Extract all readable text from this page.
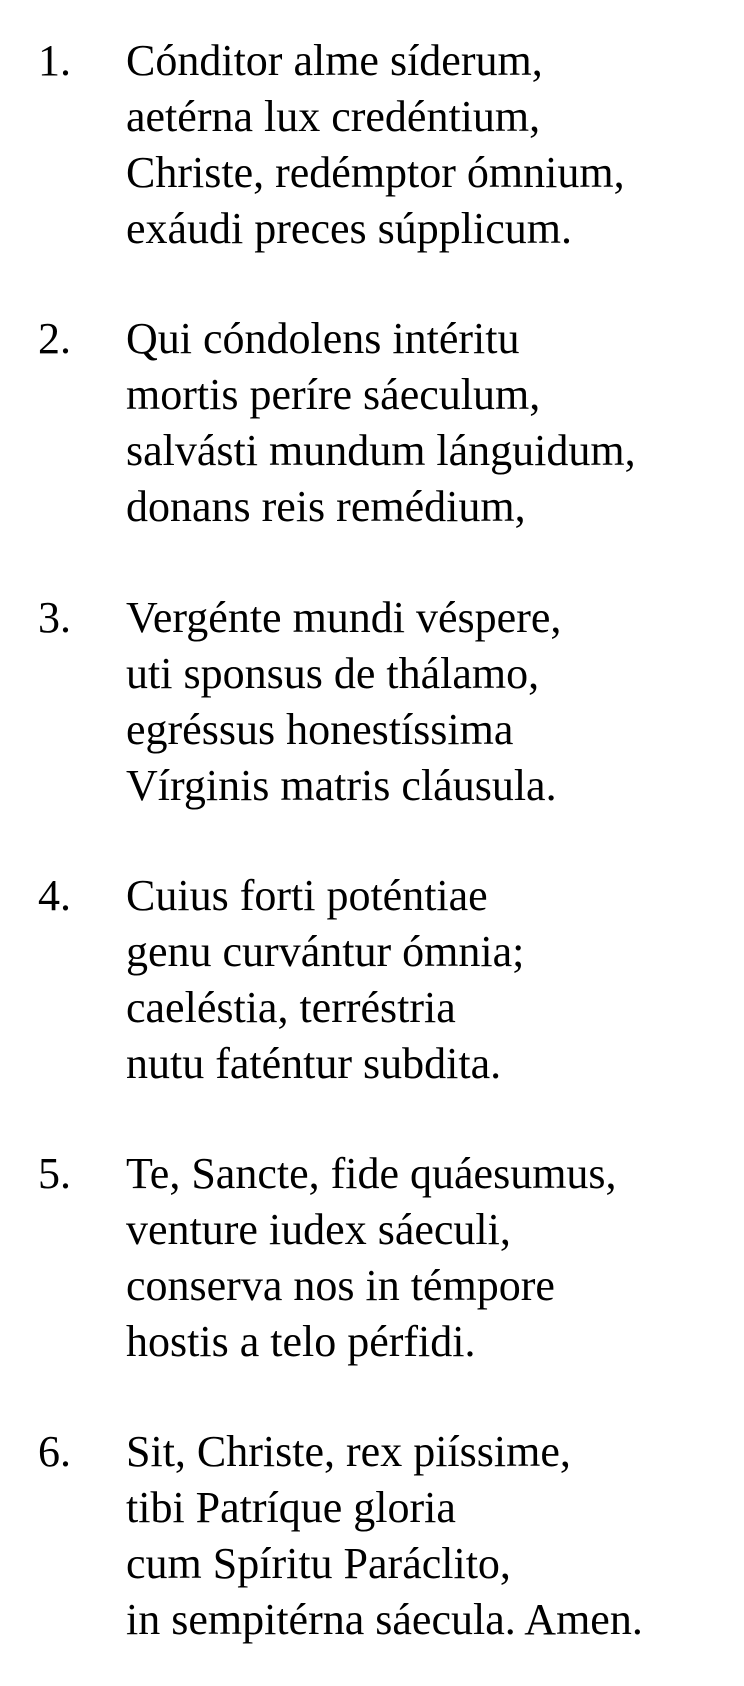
1. Cónditor alme síderum,
aetérna lux credéntium,
Christe, redémptor ómnium,
exáudi preces súpplicum.
2. Qui cóndolens intéritu
mortis períre sáeculum,
salvásti mundum lánguidum,
donans reis remédium,
3. Vergénte mundi véspere,
uti sponsus de thálamo,
egréssus honestíssima
Vírginis matris cláusula.
4. Cuius forti poténtiae
genu curvántur ómnia;
caeléstia, terréstria
nutu faténtur subdita.
5. Te, Sancte, fide quáesumus,
venture iudex sáeculi,
conserva nos in témpore
hostis a telo pérfidi.
6. Sit, Christe, rex piíssime,
tibi Patríque gloria
cum Spíritu Paráclito,
in sempitérna sáecula. Amen.
